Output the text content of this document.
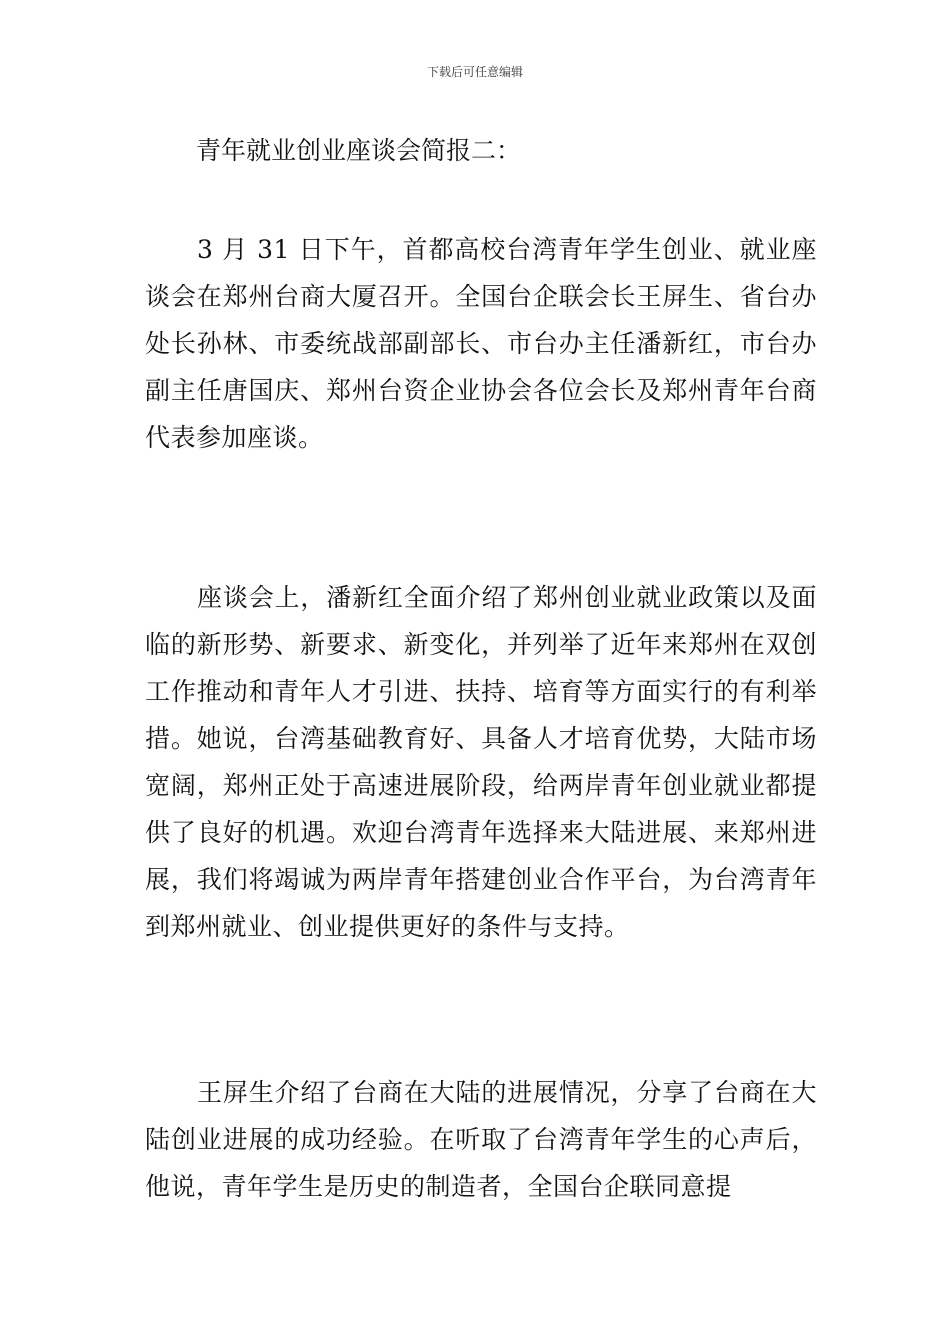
下载后可任意编辑
青年就业创业座谈会简报二：

3 月 31 日下午，首都高校台湾青年学生创业、就业座谈会在郑州台商大厦召开。全国台企联会长王屏生、省台办处长孙林、市委统战部副部长、市台办主任潘新红，市台办副主任唐国庆、郑州台资企业协会各位会长及郑州青年台商代表参加座谈。

座谈会上，潘新红全面介绍了郑州创业就业政策以及面临的新形势、新要求、新变化，并列举了近年来郑州在双创工作推动和青年人才引进、扶持、培育等方面实行的有利举措。她说，台湾基础教育好、具备人才培育优势，大陆市场宽阔，郑州正处于高速进展阶段，给两岸青年创业就业都提供了良好的机遇。欢迎台湾青年选择来大陆进展、来郑州进展，我们将竭诚为两岸青年搭建创业合作平台，为台湾青年到郑州就业、创业提供更好的条件与支持。

王屏生介绍了台商在大陆的进展情况，分享了台商在大陆创业进展的成功经验。在听取了台湾青年学生的心声后，他说，青年学生是历史的制造者，全国台企联同意提
